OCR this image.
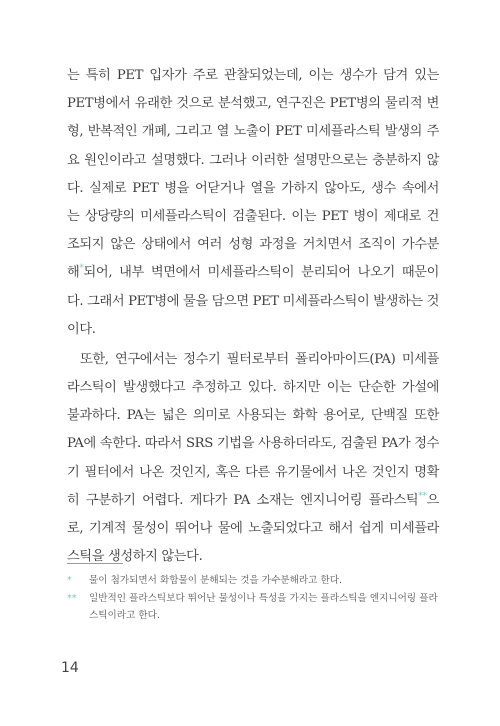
는 특히 PET 입자가 주로 관찰되었는데, 이는 생수가 담겨 있는
PET병에서 유래한 것으로 분석했고, 연구진은 PET병의 물리적 변
형, 반복적인 개폐, 그리고 열 노출이 PET 미세플라스틱 발생의 주
요 원인이라고 설명했다. 그러나 이러한 설명만으로는 충분하지 않
다. 실제로 PET 병을 어닫거나 열을 가하지 않아도, 생수 속에서
는 상당량의 미세플라스틱이 검출된다. 이는 PET 병이 제대로 건
조되지 않은 상태에서 여러 성형 과정을 거치면서 조직이 가수분
해*되어, 내부 벽면에서 미세플라스틱이 분리되어 나오기 때문이
다. 그래서 PET병에 물을 담으면 PET 미세플라스틱이 발생하는 것
이다.
또한, 연구에서는 정수기 필터로부터 폴리아마이드(PA) 미세플
라스틱이 발생했다고 추정하고 있다. 하지만 이는 단순한 가설에
불과하다. PA는 넓은 의미로 사용되는 화학 용어로, 단백질 또한
PA에 속한다. 따라서 SRS 기법을 사용하더라도, 검출된 PA가 정수
기 필터에서 나온 것인지, 혹은 다른 유기물에서 나온 것인지 명확
히 구분하기 어렵다. 게다가 PA 소재는 엔지니어링 플라스틱**으
로, 기계적 물성이 뛰어나 물에 노출되었다고 해서 쉽게 미세플라
스틱을 생성하지 않는다.
* 물이 첨가되면서 화합물이 분해되는 것을 가수분해라고 한다.
** 일반적인 플라스틱보다 뛰어난 물성이나 특성을 가지는 플라스틱을 엔지니어링 플라스틱이라고 한다.
14
